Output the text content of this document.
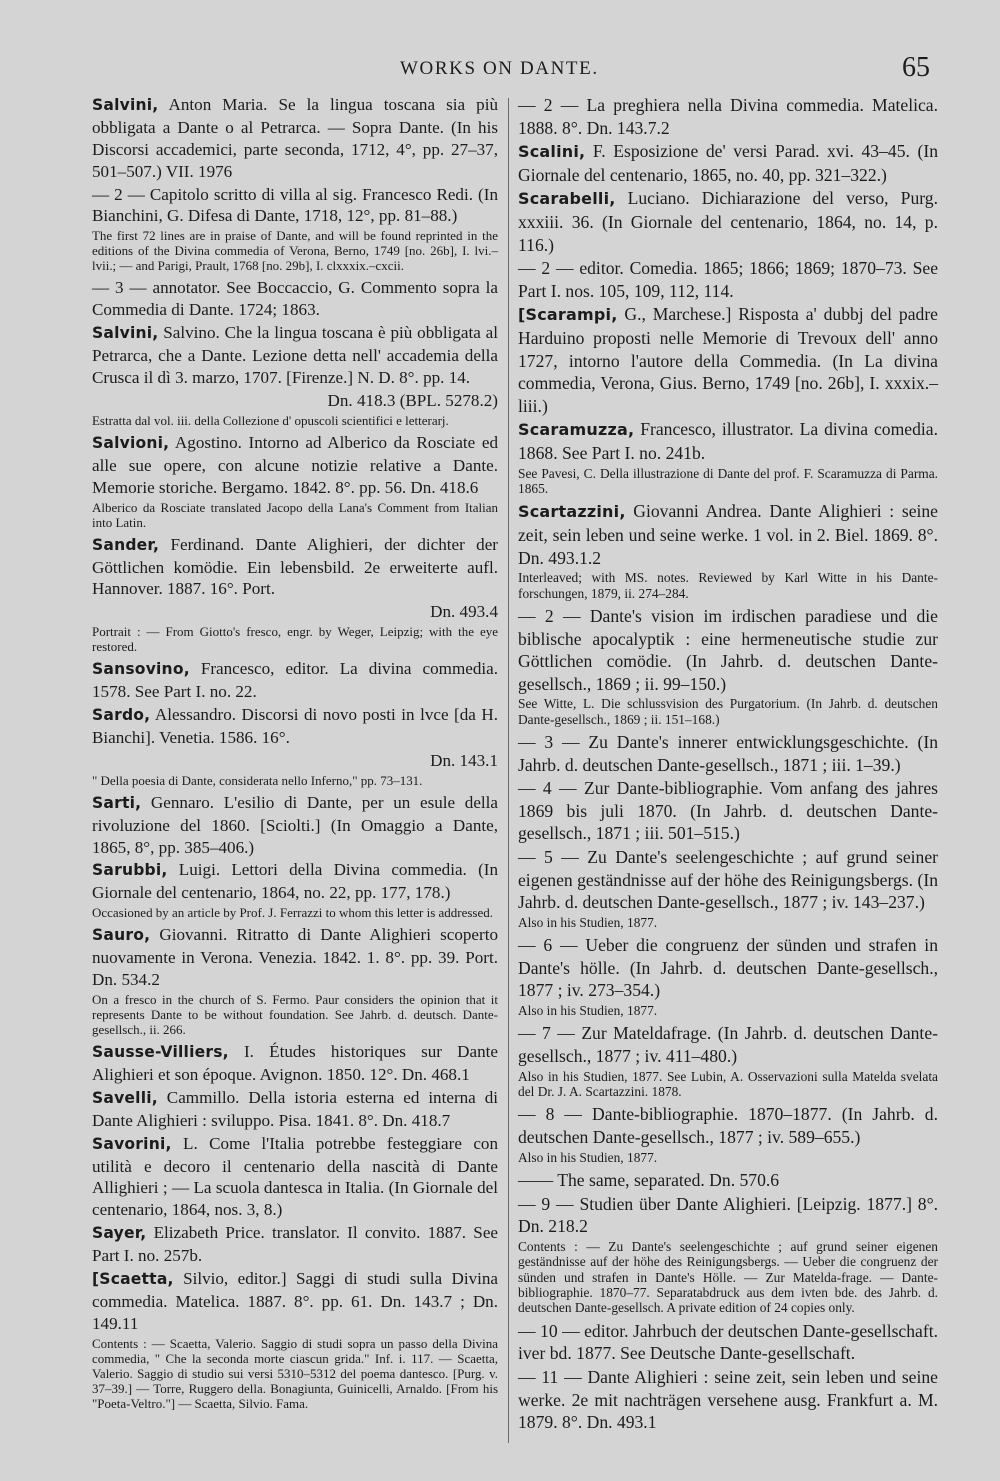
WORKS ON DANTE.	65
Salvini, Anton Maria. Se la lingua toscana sia più obbligata a Dante o al Petrarca. — Sopra Dante. (In his Discorsi accademici, parte seconda, 1712, 4°, pp. 27–37, 501–507.) VII. 1976
— 2 — Capitolo scritto di villa al sig. Francesco Redi. (In Bianchini, G. Difesa di Dante, 1718, 12°, pp. 81–88.)
The first 72 lines are in praise of Dante, and will be found reprinted in the editions of the Divina commedia of Verona, Berno, 1749 [no. 26b], I. lvi.–lvii.; — and Parigi, Prault, 1768 [no. 29b], I. clxxxix.–cxcii.
— 3 — annotator. See Boccaccio, G. Commento sopra la Commedia di Dante. 1724; 1863.
Salvini, Salvino. Che la lingua toscana è più obbligata al Petrarca, che a Dante. Lezione detta nell' accademia della Crusca il dì 3. marzo, 1707. [Firenze.] N. D. 8°. pp. 14.
Dn. 418.3 (BPL. 5278.2)
Estratta dal vol. iii. della Collezione d' opuscoli scientifici e letterarj.
Salvioni, Agostino. Intorno ad Alberico da Rosciate ed alle sue opere, con alcune notizie relative a Dante. Memorie storiche. Bergamo. 1842. 8°. pp. 56. Dn. 418.6
Alberico da Rosciate translated Jacopo della Lana's Comment from Italian into Latin.
Sander, Ferdinand. Dante Alighieri, der dichter der Göttlichen komödie. Ein lebensbild. 2e erweiterte aufl. Hannover. 1887. 16°. Port.
Dn. 493.4
Portrait : — From Giotto's fresco, engr. by Weger, Leipzig; with the eye restored.
Sansovino, Francesco, editor. La divina commedia. 1578. See Part I. no. 22.
Sardo, Alessandro. Discorsi di novo posti in lvce [da H. Bianchi]. Venetia. 1586. 16°.
Dn. 143.1
" Della poesia di Dante, considerata nello Inferno," pp. 73–131.
Sarti, Gennaro. L'esilio di Dante, per un esule della rivoluzione del 1860. [Sciolti.] (In Omaggio a Dante, 1865, 8°, pp. 385–406.)
Sarubbi, Luigi. Lettori della Divina commedia. (In Giornale del centenario, 1864, no. 22, pp. 177, 178.)
Occasioned by an article by Prof. J. Ferrazzi to whom this letter is addressed.
Sauro, Giovanni. Ritratto di Dante Alighieri scoperto nuovamente in Verona. Venezia. 1842. 1. 8°. pp. 39. Port. Dn. 534.2
On a fresco in the church of S. Fermo. Paur considers the opinion that it represents Dante to be without foundation. See Jahrb. d. deutsch. Dante-gesellsch., ii. 266.
Sausse-Villiers, I. Études historiques sur Dante Alighieri et son époque. Avignon. 1850. 12°. Dn. 468.1
Savelli, Cammillo. Della istoria esterna ed interna di Dante Alighieri : sviluppo. Pisa. 1841. 8°. Dn. 418.7
Savorini, L. Come l'Italia potrebbe festeggiare con utilità e decoro il centenario della nascità di Dante Allighieri ; — La scuola dantesca in Italia. (In Giornale del centenario, 1864, nos. 3, 8.)
Sayer, Elizabeth Price. translator. Il convito. 1887. See Part I. no. 257b.
[Scaetta, Silvio, editor.] Saggi di studi sulla Divina commedia. Matelica. 1887. 8°. pp. 61. Dn. 143.7 ; Dn. 149.11
Contents : — Scaetta, Valerio. Saggio di studi sopra un passo della Divina commedia, " Che la seconda morte ciascun grida." Inf. i. 117. — Scaetta, Valerio. Saggio di studio sui versi 5310–5312 del poema dantesco. [Purg. v. 37–39.] — Torre, Ruggero della. Bonagiunta, Guinicelli, Arnaldo. [From his "Poeta-Veltro."] — Scaetta, Silvio. Fama.
— 2 — La preghiera nella Divina commedia. Matelica. 1888. 8°. Dn. 143.7.2
Scalini, F. Esposizione de' versi Parad. xvi. 43–45. (In Giornale del centenario, 1865, no. 40, pp. 321–322.)
Scarabelli, Luciano. Dichiarazione del verso, Purg. xxxiii. 36. (In Giornale del centenario, 1864, no. 14, p. 116.)
— 2 — editor. Comedia. 1865; 1866; 1869; 1870–73. See Part I. nos. 105, 109, 112, 114.
[Scarampi, G., Marchese.] Risposta a' dubbj del padre Harduino proposti nelle Memorie di Trevoux dell' anno 1727, intorno l'autore della Commedia. (In La divina commedia, Verona, Gius. Berno, 1749 [no. 26b], I. xxxix.–liii.)
Scaramuzza, Francesco, illustrator. La divina comedia. 1868. See Part I. no. 241b.
See Pavesi, C. Della illustrazione di Dante del prof. F. Scaramuzza di Parma. 1865.
Scartazzini, Giovanni Andrea. Dante Alighieri : seine zeit, sein leben und seine werke. 1 vol. in 2. Biel. 1869. 8°. Dn. 493.1.2
Interleaved; with MS. notes. Reviewed by Karl Witte in his Dante-forschungen, 1879, ii. 274–284.
— 2 — Dante's vision im irdischen paradiese und die biblische apocalyptik : eine hermeneutische studie zur Göttlichen comödie. (In Jahrb. d. deutschen Dante-gesellsch., 1869 ; ii. 99–150.)
See Witte, L. Die schlussvision des Purgatorium. (In Jahrb. d. deutschen Dante-gesellsch., 1869 ; ii. 151–168.)
— 3 — Zu Dante's innerer entwicklungsgeschichte. (In Jahrb. d. deutschen Dante-gesellsch., 1871 ; iii. 1–39.)
— 4 — Zur Dante-bibliographie. Vom anfang des jahres 1869 bis juli 1870. (In Jahrb. d. deutschen Dante-gesellsch., 1871 ; iii. 501–515.)
— 5 — Zu Dante's seelengeschichte ; auf grund seiner eigenen geständnisse auf der höhe des Reinigungsbergs. (In Jahrb. d. deutschen Dante-gesellsch., 1877 ; iv. 143–237.)
Also in his Studien, 1877.
— 6 — Ueber die congruenz der sünden und strafen in Dante's hölle. (In Jahrb. d. deutschen Dante-gesellsch., 1877 ; iv. 273–354.)
Also in his Studien, 1877.
— 7 — Zur Mateldafrage. (In Jahrb. d. deutschen Dante-gesellsch., 1877 ; iv. 411–480.)
Also in his Studien, 1877. See Lubin, A. Osservazioni sulla Matelda svelata del Dr. J. A. Scartazzini. 1878.
— 8 — Dante-bibliographie. 1870–1877. (In Jahrb. d. deutschen Dante-gesellsch., 1877 ; iv. 589–655.)
Also in his Studien, 1877.
—— The same, separated. Dn. 570.6
— 9 — Studien über Dante Alighieri. [Leipzig. 1877.] 8°. Dn. 218.2
Contents : — Zu Dante's seelengeschichte ; auf grund seiner eigenen geständnisse auf der höhe des Reinigungsbergs. — Ueber die congruenz der sünden und strafen in Dante's Hölle. — Zur Matelda-frage. — Dante-bibliographie. 1870–77. Separatabdruck aus dem ivten bde. des Jahrb. d. deutschen Dante-gesellsch. A private edition of 24 copies only.
— 10 — editor. Jahrbuch der deutschen Dante-gesellschaft. iver bd. 1877. See Deutsche Dante-gesellschaft.
— 11 — Dante Alighieri : seine zeit, sein leben und seine werke. 2e mit nachträgen versehene ausg. Frankfurt a. M. 1879. 8°. Dn. 493.1
